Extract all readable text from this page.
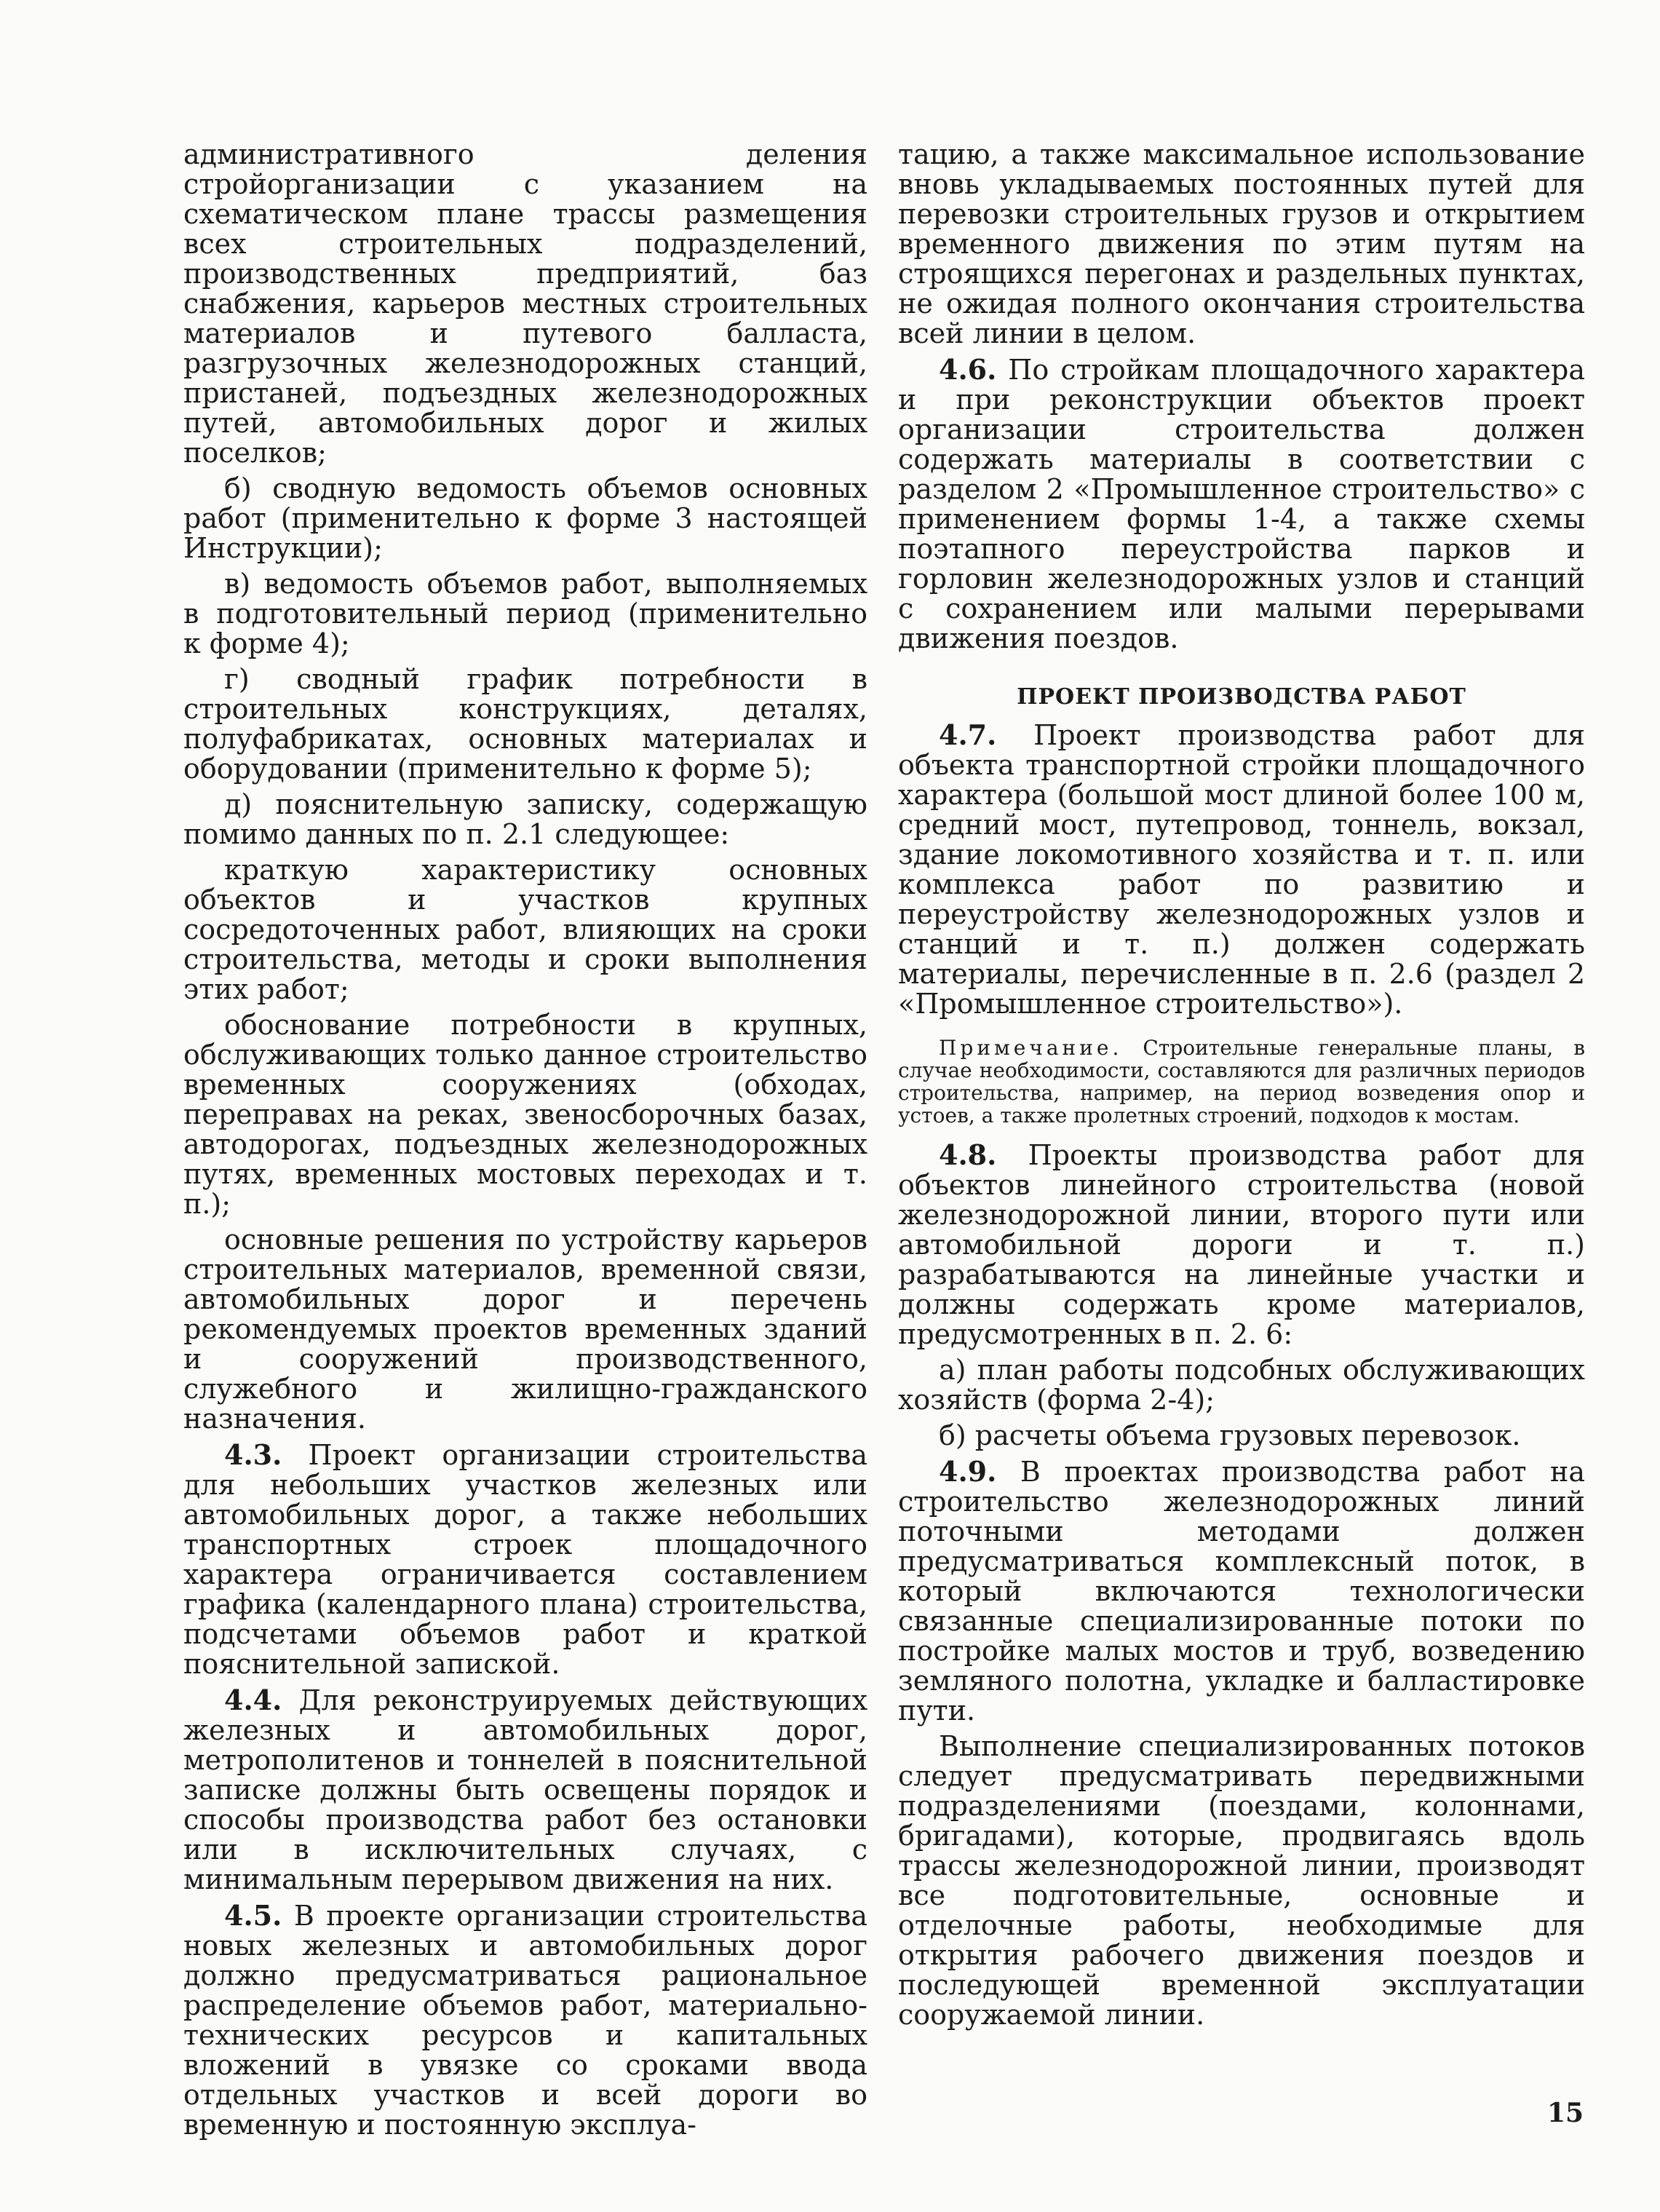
административного деления стройорганизации с указанием на схематическом плане трассы размещения всех строительных подразделений, производственных предприятий, баз снабжения, карьеров местных строительных материалов и путевого балласта, разгрузочных железнодорожных станций, пристаней, подъездных железнодорожных путей, автомобильных дорог и жилых поселков;

б) сводную ведомость объемов основных работ (применительно к форме 3 настоящей Инструкции);

в) ведомость объемов работ, выполняемых в подготовительный период (применительно к форме 4);

г) сводный график потребности в строительных конструкциях, деталях, полуфабрикатах, основных материалах и оборудовании (применительно к форме 5);

д) пояснительную записку, содержащую помимо данных по п. 2.1 следующее:

краткую характеристику основных объектов и участков крупных сосредоточенных работ, влияющих на сроки строительства, методы и сроки выполнения этих работ;

обоснование потребности в крупных, обслуживающих только данное строительство временных сооружениях (обходах, переправах на реках, звеносборочных базах, автодорогах, подъездных железнодорожных путях, временных мостовых переходах и т. п.);

основные решения по устройству карьеров строительных материалов, временной связи, автомобильных дорог и перечень рекомендуемых проектов временных зданий и сооружений производственного, служебного и жилищно-гражданского назначения.

4.3. Проект организации строительства для небольших участков железных или автомобильных дорог, а также небольших транспортных строек площадочного характера ограничивается составлением графика (календарного плана) строительства, подсчетами объемов работ и краткой пояснительной запиской.

4.4. Для реконструируемых действующих железных и автомобильных дорог, метрополитенов и тоннелей в пояснительной записке должны быть освещены порядок и способы производства работ без остановки или в исключительных случаях, с минимальным перерывом движения на них.

4.5. В проекте организации строительства новых железных и автомобильных дорог должно предусматриваться рациональное распределение объемов работ, материально-технических ресурсов и капитальных вложений в увязке со сроками ввода отдельных участков и всей дороги во временную и постоянную эксплуа-

тацию, а также максимальное использование вновь укладываемых постоянных путей для перевозки строительных грузов и открытием временного движения по этим путям на строящихся перегонах и раздельных пунктах, не ожидая полного окончания строительства всей линии в целом.

4.6. По стройкам площадочного характера и при реконструкции объектов проект организации строительства должен содержать материалы в соответствии с разделом 2 «Промышленное строительство» с применением формы 1-4, а также схемы поэтапного переустройства парков и горловин железнодорожных узлов и станций с сохранением или малыми перерывами движения поездов.

ПРОЕКТ ПРОИЗВОДСТВА РАБОТ

4.7. Проект производства работ для объекта транспортной стройки площадочного характера (большой мост длиной более 100 м, средний мост, путепровод, тоннель, вокзал, здание локомотивного хозяйства и т. п. или комплекса работ по развитию и переустройству железнодорожных узлов и станций и т. п.) должен содержать материалы, перечисленные в п. 2.6 (раздел 2 «Промышленное строительство»).

Примечание. Строительные генеральные планы, в случае необходимости, составляются для различных периодов строительства, например, на период возведения опор и устоев, а также пролетных строений, подходов к мостам.

4.8. Проекты производства работ для объектов линейного строительства (новой железнодорожной линии, второго пути или автомобильной дороги и т. п.) разрабатываются на линейные участки и должны содержать кроме материалов, предусмотренных в п. 2. 6:

а) план работы подсобных обслуживающих хозяйств (форма 2-4);

б) расчеты объема грузовых перевозок.

4.9. В проектах производства работ на строительство железнодорожных линий поточными методами должен предусматриваться комплексный поток, в который включаются технологически связанные специализированные потоки по постройке малых мостов и труб, возведению земляного полотна, укладке и балластировке пути.

Выполнение специализированных потоков следует предусматривать передвижными подразделениями (поездами, колоннами, бригадами), которые, продвигаясь вдоль трассы железнодорожной линии, производят все подготовительные, основные и отделочные работы, необходимые для открытия рабочего движения поездов и последующей временной эксплуатации сооружаемой линии.

15
